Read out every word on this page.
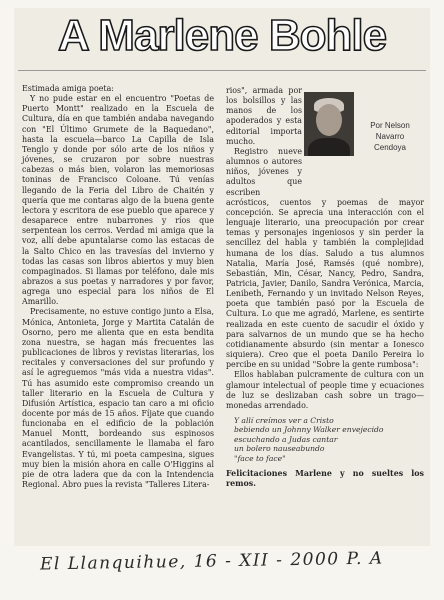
A Marlene Bohle

Estimada amiga poeta:

Y no pude estar en el encuentro "Poetas de Puerto Montt" realizado en la Escuela de Cultura, día en que también andaba navegando con "El Último Grumete de la Baquedano", hasta la escuela—barco La Capilla de Isla Tenglo y donde por sólo arte de los niños y jóvenes, se cruzaron por sobre nuestras cabezas o más bien, volaron las memoriosas toninas de Francisco Coloane. Tú venías llegando de la Feria del Libro de Chaitén y quería que me contaras algo de la buena gente lectora y escritora de ese pueblo que aparece y desaparece entre nubarrones y ríos que serpentean los cerros. Verdad mi amiga que la voz, allí debe apuntalarse como las estacas de la Salto Chico en las travesías del invierno y todas las casas son libros abiertos y muy bien compaginados. Si llamas por teléfono, dale mis abrazos a sus poetas y narradores y por favor, agrega uno especial para los niños de El Amarillo.

Precisamente, no estuve contigo junto a Elsa, Mónica, Antonieta, Jorge y Martita Catalán de Osorno, pero me alienta que en esta bendita zona nuestra, se hagan más frecuentes las publicaciones de libros y revistas literarias, los recitales y conversaciones del sur profundo y así le agreguemos "más vida a nuestra vidas". Tú has asumido este compromiso creando un taller literario en la Escuela de Cultura y Difusión Artística, espacio tan caro a mi oficio docente por más de 15 años. Fíjate que cuando funcionaba en el edificio de la población Manuel Montt, bordeando sus espinosos acantilados, sencillamente le llamaba el faro Evangelistas. Y tú, mi poeta campesina, sigues muy bien la misión ahora en calle O'Higgins al pie de otra ladera que da con la Intendencia Regional. Abro pues la revista "Talleres Litera-

rios", armada por los bolsillos y las manos de los apoderados y esta editorial importa mucho.

Registro nueve alumnos o autores niños, jóvenes y adultos que escriben acrósticos, cuentos y poemas de mayor concepción. Se aprecia una interacción con el lenguaje literario, una preocupación por crear temas y personajes ingeniosos y sin perder la sencillez del habla y también la complejidad humana de los días. Saludo a tus alumnos Natalia, María José, Ramsés (qué nombre), Sebastián, Min, César, Nancy, Pedro, Sandra, Patricia, Javier, Danilo, Sandra Verónica, Marcia, Lenibeth, Fernando y un invitado Nelson Reyes, poeta que también pasó por la Escuela de Cultura. Lo que me agradó, Marlene, es sentirte realizada en este cuento de sacudir el óxido y para salvarnos de un mundo que se ha hecho cotidianamente absurdo (sin mentar a Ionesco siquiera). Creo que el poeta Danilo Pereira lo percibe en su unidad "Sobre la gente rumbosa":

Ellos hablaban pulcramente de cultura con un glamour intelectual of people time y ecuaciones de luz se deslizaban cash sobre un trago—monedas arrendado.

Y allí creímos ver a Cristo
bebiendo un Johnny Walker envejecido
escuchando a Judas cantar
un bolero nauseabundo
"face to face"

Felicitaciones Marlene y no sueltes los remos.

Por Nelson
Navarro
Cendoya
El Llanquihue, 16 - XII - 2000 P. A
